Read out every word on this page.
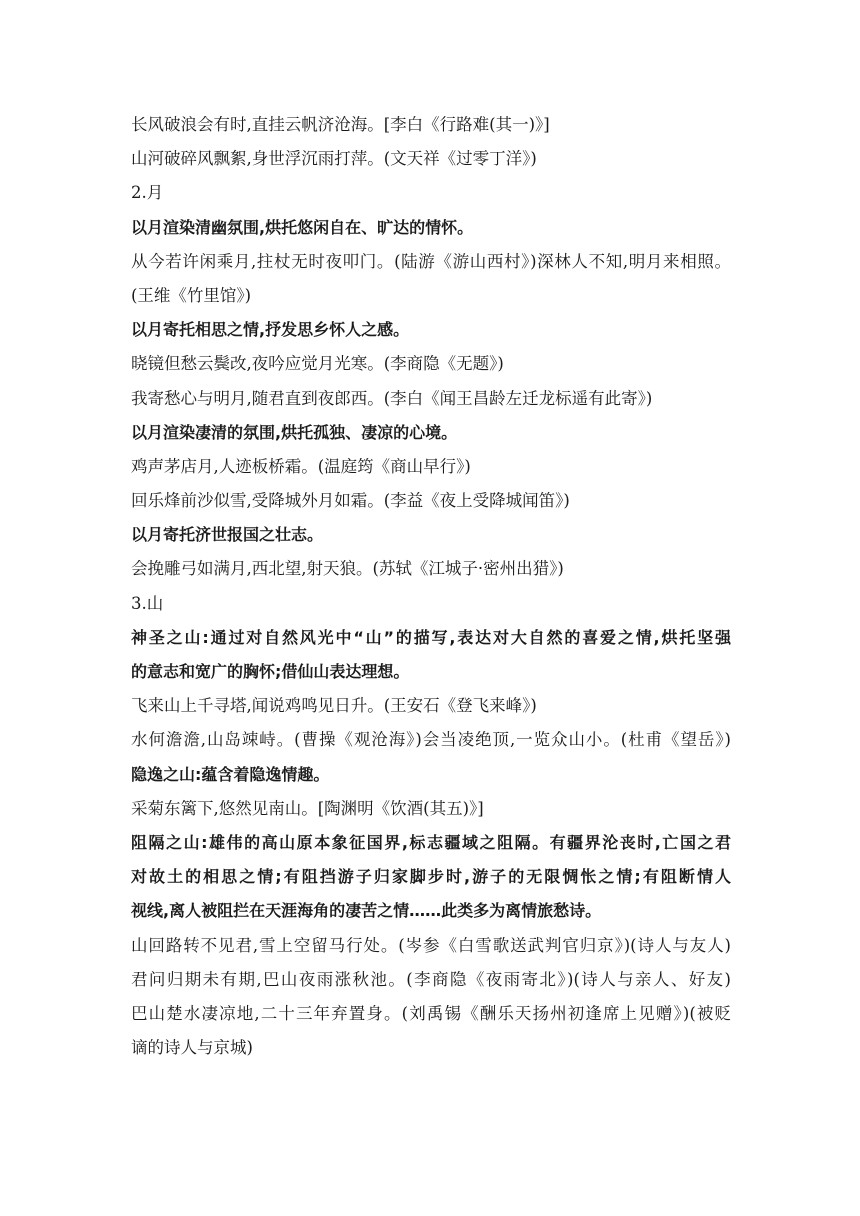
长风破浪会有时,直挂云帆济沧海。[李白《行路难(其一)》]
山河破碎风飘絮,身世浮沉雨打萍。(文天祥《过零丁洋》)
2.月
以月渲染清幽氛围,烘托悠闲自在、旷达的情怀。
从今若许闲乘月,拄杖无时夜叩门。(陆游《游山西村》)深林人不知,明月来相照。
(王维《竹里馆》)
以月寄托相思之情,抒发思乡怀人之感。
晓镜但愁云鬓改,夜吟应觉月光寒。(李商隐《无题》)
我寄愁心与明月,随君直到夜郎西。(李白《闻王昌龄左迁龙标遥有此寄》)
以月渲染凄清的氛围,烘托孤独、凄凉的心境。
鸡声茅店月,人迹板桥霜。(温庭筠《商山早行》)
回乐烽前沙似雪,受降城外月如霜。(李益《夜上受降城闻笛》)
以月寄托济世报国之壮志。
会挽雕弓如满月,西北望,射天狼。(苏轼《江城子·密州出猎》)
3.山
神圣之山:通过对自然风光中“山”的描写,表达对大自然的喜爱之情,烘托坚强
的意志和宽广的胸怀;借仙山表达理想。
飞来山上千寻塔,闻说鸡鸣见日升。(王安石《登飞来峰》)
水何澹澹,山岛竦峙。(曹操《观沧海》)会当凌绝顶,一览众山小。(杜甫《望岳》)
隐逸之山:蕴含着隐逸情趣。
采菊东篱下,悠然见南山。[陶渊明《饮酒(其五)》]
阻隔之山:雄伟的高山原本象征国界,标志疆域之阻隔。有疆界沦丧时,亡国之君
对故土的相思之情;有阻挡游子归家脚步时,游子的无限惆怅之情;有阻断情人
视线,离人被阻拦在天涯海角的凄苦之情……此类多为离情旅愁诗。
山回路转不见君,雪上空留马行处。(岑参《白雪歌送武判官归京》)(诗人与友人)
君问归期未有期,巴山夜雨涨秋池。(李商隐《夜雨寄北》)(诗人与亲人、好友)
巴山楚水凄凉地,二十三年弃置身。(刘禹锡《酬乐天扬州初逢席上见赠》)(被贬
谪的诗人与京城)
